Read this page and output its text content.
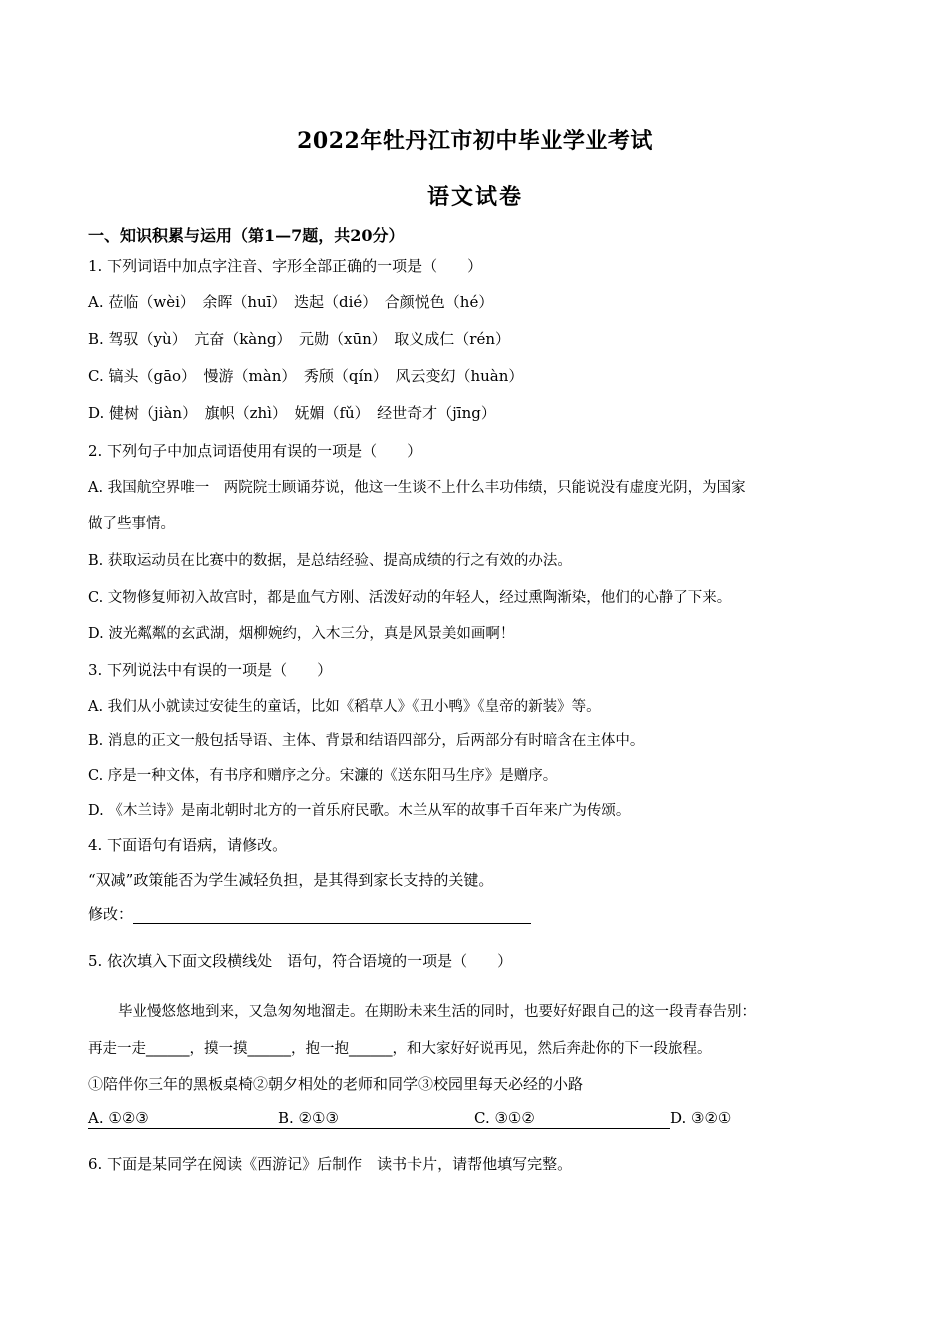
2022年牡丹江市初中毕业学业考试
语文试卷
一、知识积累与运用（第1—7题，共20分）
1. 下列词语中加点字注音、字形全部正确的一项是（　　）
A. 莅临（wèi）　余晖（huī）　迭起（dié）　合颜悦色（hé）
B. 驾驭（yù）　亢奋（kàng）　元勋（xūn）　取义成仁（rén）
C. 镐头（gāo）　慢游（màn）　秀颀（qín）　风云变幻（huàn）
D. 健树（jiàn）　旗帜（zhì）　妩媚（fǔ）　经世奇才（jīng）
2. 下列句子中加点词语使用有误的一项是（　　）
A. 我国航空界唯一　两院院士顾诵芬说，他这一生谈不上什么丰功伟绩，只能说没有虚度光阴，为国家
做了些事情。
B. 获取运动员在比赛中的数据，是总结经验、提高成绩的行之有效的办法。
C. 文物修复师初入故宫时，都是血气方刚、活泼好动的年轻人，经过熏陶渐染，他们的心静了下来。
D. 波光粼粼的玄武湖，烟柳婉约，入木三分，真是风景美如画啊！
3. 下列说法中有误的一项是（　　）
A. 我们从小就读过安徒生的童话，比如《稻草人》《丑小鸭》《皇帝的新装》等。
B. 消息的正文一般包括导语、主体、背景和结语四部分，后两部分有时暗含在主体中。
C. 序是一种文体，有书序和赠序之分。宋濂的《送东阳马生序》是赠序。
D. 《木兰诗》是南北朝时北方的一首乐府民歌。木兰从军的故事千百年来广为传颂。
4. 下面语句有语病，请修改。
“双减”政策能否为学生减轻负担，是其得到家长支持的关键。
修改：
5. 依次填入下面文段横线处　语句，符合语境的一项是（　　）
毕业慢悠悠地到来，又急匆匆地溜走。在期盼未来生活的同时，也要好好跟自己的这一段青春告别：
再走一走______，摸一摸______，抱一抱______，和大家好好说再见，然后奔赴你的下一段旅程。
①陪伴你三年的黑板桌椅②朝夕相处的老师和同学③校园里每天必经的小路
A. ①②③	B. ②①③	C. ③①②	D. ③②①
6. 下面是某同学在阅读《西游记》后制作　读书卡片，请帮他填写完整。
